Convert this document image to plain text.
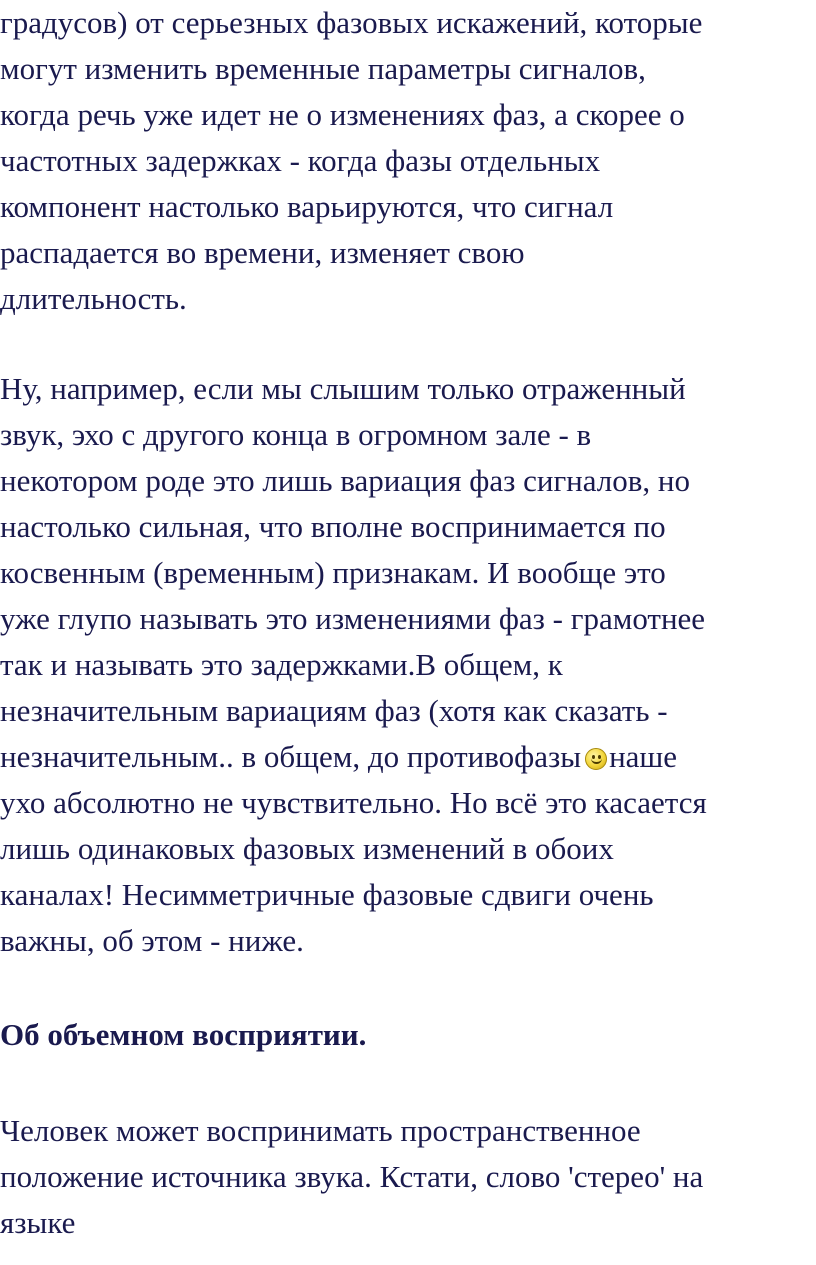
градусов) от серьезных фазовых искажений, которые
могут изменить временные параметры сигналов,
когда речь уже идет не о изменениях фаз, а скорее о
частотных задержках - когда фазы отдельных
компонент настолько варьируются, что сигнал
распадается во времени, изменяет свою
длительность.
Ну, например, если мы слышим только отраженный
звук, эхо с другого конца в огромном зале - в
некотором роде это лишь вариация фаз сигналов, но
настолько сильная, что вполне воспринимается по
косвенным (временным) признакам. И вообще это
уже глупо называть это изменениями фаз - грамотнее
так и называть это задержками.В общем, к
незначительным вариациям фаз (хотя как сказать -
незначительным.. в общем, до противофазы наше
ухо абсолютно не чувствительно. Но всё это касается
лишь одинаковых фазовых изменений в обоих
каналах! Несимметричные фазовые сдвиги очень
важны, об этом - ниже.
Об объемном восприятии.
Человек может воспринимать пространственное
положение источника звука. Кстати, слово 'стерео' на
языке
